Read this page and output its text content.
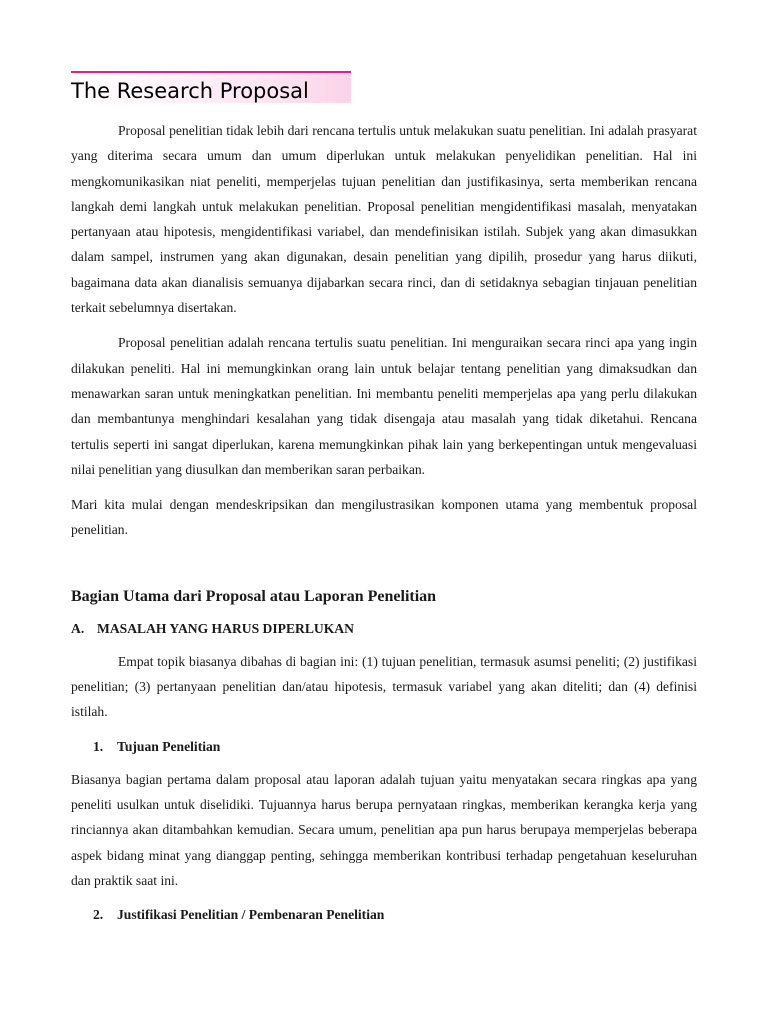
The Research Proposal

Proposal penelitian tidak lebih dari rencana tertulis untuk melakukan suatu penelitian. Ini adalah prasyarat yang diterima secara umum dan umum diperlukan untuk melakukan penyelidikan penelitian. Hal ini mengkomunikasikan niat peneliti, memperjelas tujuan penelitian dan justifikasinya, serta memberikan rencana langkah demi langkah untuk melakukan penelitian. Proposal penelitian mengidentifikasi masalah, menyatakan pertanyaan atau hipotesis, mengidentifikasi variabel, dan mendefinisikan istilah. Subjek yang akan dimasukkan dalam sampel, instrumen yang akan digunakan, desain penelitian yang dipilih, prosedur yang harus diikuti, bagaimana data akan dianalisis semuanya dijabarkan secara rinci, dan di setidaknya sebagian tinjauan penelitian terkait sebelumnya disertakan.

Proposal penelitian adalah rencana tertulis suatu penelitian. Ini menguraikan secara rinci apa yang ingin dilakukan peneliti. Hal ini memungkinkan orang lain untuk belajar tentang penelitian yang dimaksudkan dan menawarkan saran untuk meningkatkan penelitian. Ini membantu peneliti memperjelas apa yang perlu dilakukan dan membantunya menghindari kesalahan yang tidak disengaja atau masalah yang tidak diketahui. Rencana tertulis seperti ini sangat diperlukan, karena memungkinkan pihak lain yang berkepentingan untuk mengevaluasi nilai penelitian yang diusulkan dan memberikan saran perbaikan.

Mari kita mulai dengan mendeskripsikan dan mengilustrasikan komponen utama yang membentuk proposal penelitian.

Bagian Utama dari Proposal atau Laporan Penelitian
A. MASALAH YANG HARUS DIPERLUKAN

Empat topik biasanya dibahas di bagian ini: (1) tujuan penelitian, termasuk asumsi peneliti; (2) justifikasi penelitian; (3) pertanyaan penelitian dan/atau hipotesis, termasuk variabel yang akan diteliti; dan (4) definisi istilah.

1. Tujuan Penelitian

Biasanya bagian pertama dalam proposal atau laporan adalah tujuan yaitu menyatakan secara ringkas apa yang peneliti usulkan untuk diselidiki. Tujuannya harus berupa pernyataan ringkas, memberikan kerangka kerja yang rinciannya akan ditambahkan kemudian. Secara umum, penelitian apa pun harus berupaya memperjelas beberapa aspek bidang minat yang dianggap penting, sehingga memberikan kontribusi terhadap pengetahuan keseluruhan dan praktik saat ini.

2. Justifikasi Penelitian / Pembenaran Penelitian
